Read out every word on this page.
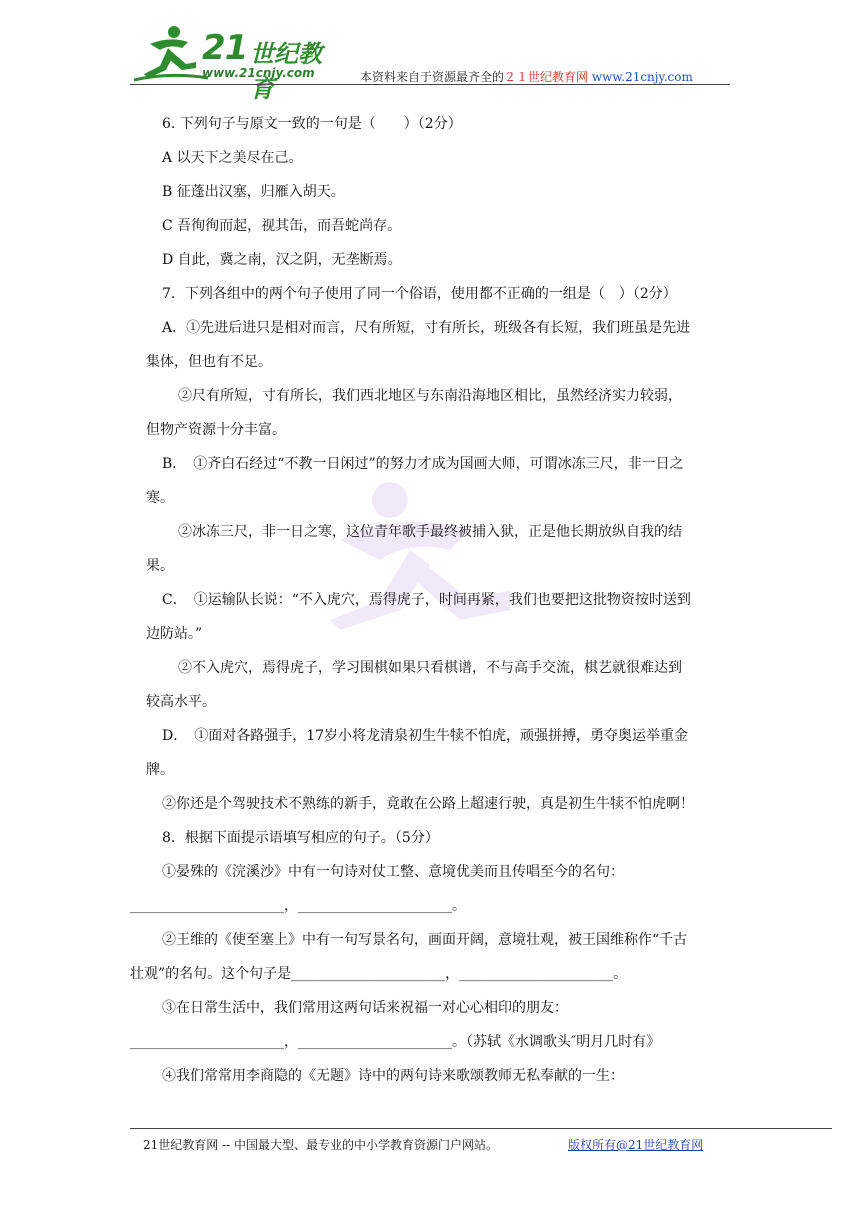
21 世纪教育
www.21cnjy.com	本资料来自于资源最齐全的２１世纪教育网 www.21cnjy.com
6. 下列句子与原文一致的一句是（　　）（2分）
A 以天下之美尽在己。
B 征蓬出汉塞，归雁入胡天。
C 吾徇徇而起，视其缶，而吾蛇尚存。
D 自此，冀之南，汉之阴，无垄断焉。
7．下列各组中的两个句子使用了同一个俗语，使用都不正确的一组是（　）（2分）
A．①先进后进只是相对而言，尺有所短，寸有所长，班级各有长短，我们班虽是先进
集体，但也有不足。
②尺有所短，寸有所长，我们西北地区与东南沿海地区相比，虽然经济实力较弱，
但物产资源十分丰富。
B．　①齐白石经过“不教一日闲过”的努力才成为国画大师，可谓冰冻三尺，非一日之
寒。
②冰冻三尺，非一日之寒，这位青年歌手最终被捕入狱，正是他长期放纵自我的结
果。
C．　①运输队长说：“不入虎穴，焉得虎子，时间再紧，我们也要把这批物资按时送到
边防站。”
②不入虎穴，焉得虎子，学习围棋如果只看棋谱，不与高手交流，棋艺就很难达到
较高水平。
D．　①面对各路强手，17岁小将龙清泉初生牛犊不怕虎，顽强拼搏，勇夺奥运举重金
牌。
②你还是个驾驶技术不熟练的新手，竟敢在公路上超速行驶，真是初生牛犊不怕虎啊！
8．根据下面提示语填写相应的句子。（5分）
①晏殊的《浣溪沙》中有一句诗对仗工整、意境优美而且传唱至今的名句：
______________________，______________________。
②王维的《使至塞上》中有一句写景名句，画面开阔，意境壮观，被王国维称作“千古
壮观”的名句。这个句子是______________________，______________________。
③在日常生活中，我们常用这两句话来祝福一对心心相印的朋友：
______________________，______________________。（苏轼《水调歌头″明月几时有》
④我们常常用李商隐的《无题》诗中的两句诗来歌颂教师无私奉献的一生：
21世纪教育网 -- 中国最大型、最专业的中小学教育资源门户网站。	版权所有@21世纪教育网
